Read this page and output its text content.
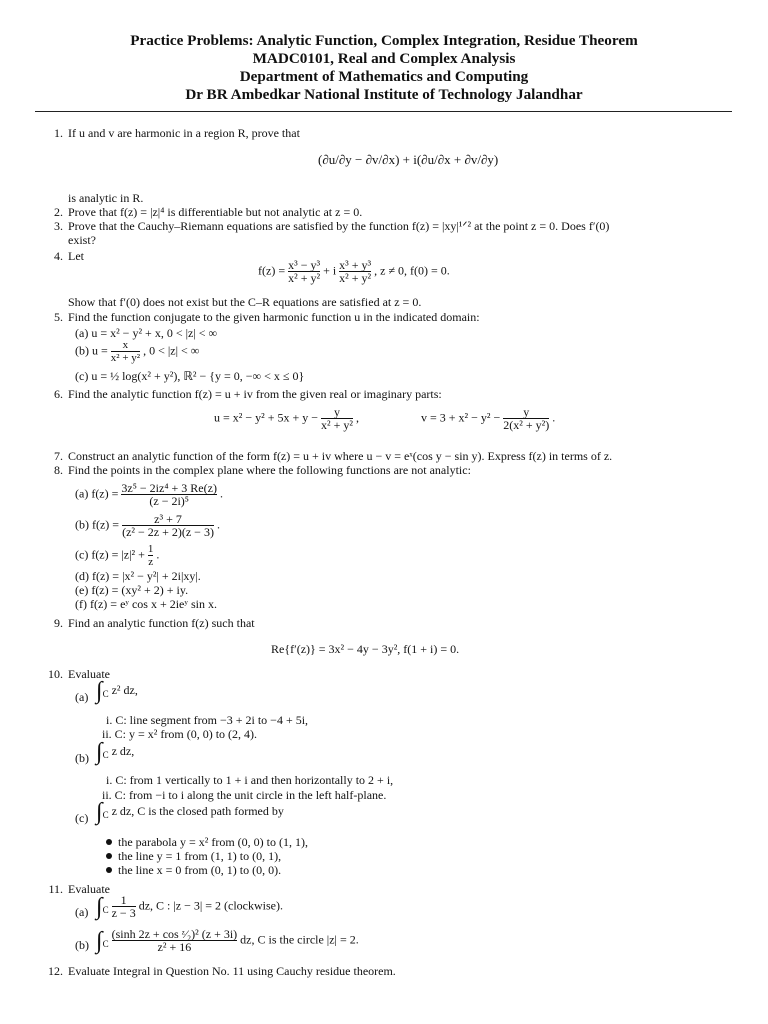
Practice Problems: Analytic Function, Complex Integration, Residue Theorem
MADC0101, Real and Complex Analysis
Department of Mathematics and Computing
Dr BR Ambedkar National Institute of Technology Jalandhar
1. If u and v are harmonic in a region R, prove that
(∂u/∂y − ∂v/∂x) + i(∂u/∂x + ∂v/∂y)
is analytic in R.
2. Prove that f(z) = |z|⁴ is differentiable but not analytic at z = 0.
3. Prove that the Cauchy–Riemann equations are satisfied by the function f(z) = |xy|¹ᐟ² at the point z = 0. Does f′(0)
exist?
4. Let
$f(z) = \frac{\text{x³ − y³}}{\text{x² + y²}} + i \frac{\text{x³ + y³}}{\text{x² + y²}}$ , z ≠ 0, f(0) = 0.
Show that f′(0) does not exist but the C–R equations are satisfied at z = 0.
5. Find the function conjugate to the given harmonic function u in the indicated domain:
(a) u = x² − y² + x, 0 < |z| < ∞
(b) $u = \frac{x}{\text{x² + y²}}$ , 0 < |z| < ∞
(c) u = ½ log(x² + y²), ℝ² − {y = 0, −∞ < x ≤ 0}
6. Find the analytic function f(z) = u + iv from the given real or imaginary parts:
$u = x^2 - y^2 + 5x + y - \frac{y}{\text{x² + y²}}$ ,	$v = 3 + x^2 - y^2 - \frac{y}{\text{2(x² + y²)}}$ .
7. Construct an analytic function of the form f(z) = u + iv where u − v = eˣ(cos y − sin y). Express f(z) in terms of z.
8. Find the points in the complex plane where the following functions are not analytic:
(a) $f(z) = \frac{\text{3z⁵ − 2iz⁴ + 3 Re(z)}}{\text{(z − 2i)⁵}}$ .
(b) $f(z) = \frac{\text{z³ + 7}}{\text{(z² − 2z + 2)(z − 3)}}$ .
(c) $f(z) = |z|^2 + \frac{1}{z}$ .
(d) f(z) = |x² − y²| + 2i|xy|.
(e) f(z) = (xy² + 2) + iy.
(f) f(z) = eʸ cos x + 2ieʸ sin x.
9. Find an analytic function f(z) such that
Re{f′(z)} = 3x² − 4y − 3y², f(1 + i) = 0.
10. Evaluate
(a) $\int_C$ z² dz,
i. C: line segment from −3 + 2i to −4 + 5i,
ii. C: y = x² from (0, 0) to (2, 4).
(b) $\int_C$ z dz,
i. C: from 1 vertically to 1 + i and then horizontally to 2 + i,
ii. C: from −i to i along the unit circle in the left half-plane.
(c) $\int_C$ z dz, C is the closed path formed by
the parabola y = x² from (0, 0) to (1, 1),
the line y = 1 from (1, 1) to (0, 1),
the line x = 0 from (0, 1) to (0, 0).
11. Evaluate
(a) $\int_C \frac{1}{z - 3}$ dz, C : |z − 3| = 2 (clockwise).
(b) $\int_C \frac{\text{(sinh 2z + cos ᶻ⁄₂)² (z + 3i)}}{\text{z² + 16}}$ dz, C is the circle |z| = 2.
12. Evaluate Integral in Question No. 11 using Cauchy residue theorem.
